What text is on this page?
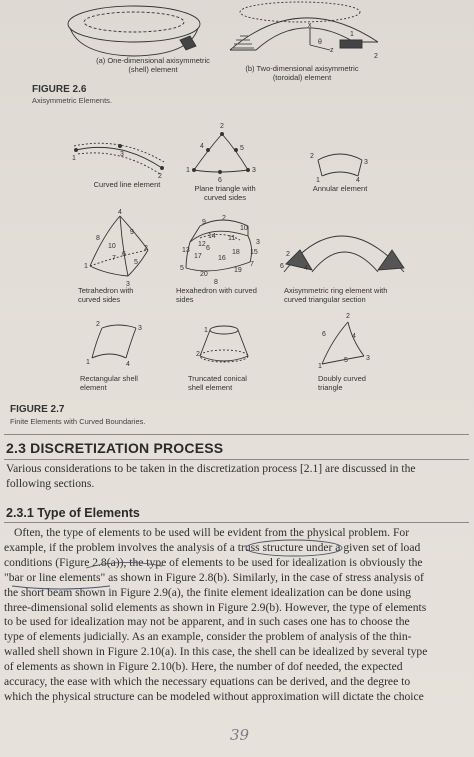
x
θ
z
1
2
(a) One-dimensional axisymmetric
(shell) element	(b) Two-dimensional axisymmetric
(toroidal) element
FIGURE 2.6
Axisymmetric Elements.
1
3
2
2
4	5
1
6
3
2
3
1	4
4
8
9
10	2
1
5
7
3
6
9
10
2
14 11
12
13 6
18 15
17 16
5
7
3
20
19
8
2
6	4
2
3
1	4
1
2
2
6	4
1
5	3
Curved line element	Plane triangle with
curved sides
Annular element
Tetrahedron with
curved sides
Hexahedron with curved
sides
Axisymmetric ring element with
curved triangular section
Rectangular shell
element
Truncated conical
shell element
Doubly curved
triangle
FIGURE 2.7
Finite Elements with Curved Boundaries.
2.3 DISCRETIZATION PROCESS
Various considerations to be taken in the discretization process [2.1] are discussed in the
following sections.
2.3.1 Type of Elements
Often, the type of elements to be used will be evident from the physical problem. For
example, if the problem involves the analysis of a truss structure under a given set of load
conditions (Figure 2.8(a)), the type of elements to be used for idealization is obviously the
"bar or line elements" as shown in Figure 2.8(b). Similarly, in the case of stress analysis of
the short beam shown in Figure 2.9(a), the finite element idealization can be done using
three-dimensional solid elements as shown in Figure 2.9(b). However, the type of elements
to be used for idealization may not be apparent, and in such cases one has to choose the
type of elements judicially. As an example, consider the problem of analysis of the thin-
walled shell shown in Figure 2.10(a). In this case, the shell can be idealized by several type
of elements as shown in Figure 2.10(b). Here, the number of dof needed, the expected
accuracy, the ease with which the necessary equations can be derived, and the degree to
which the physical structure can be modeled without approximation will dictate the choice
39
